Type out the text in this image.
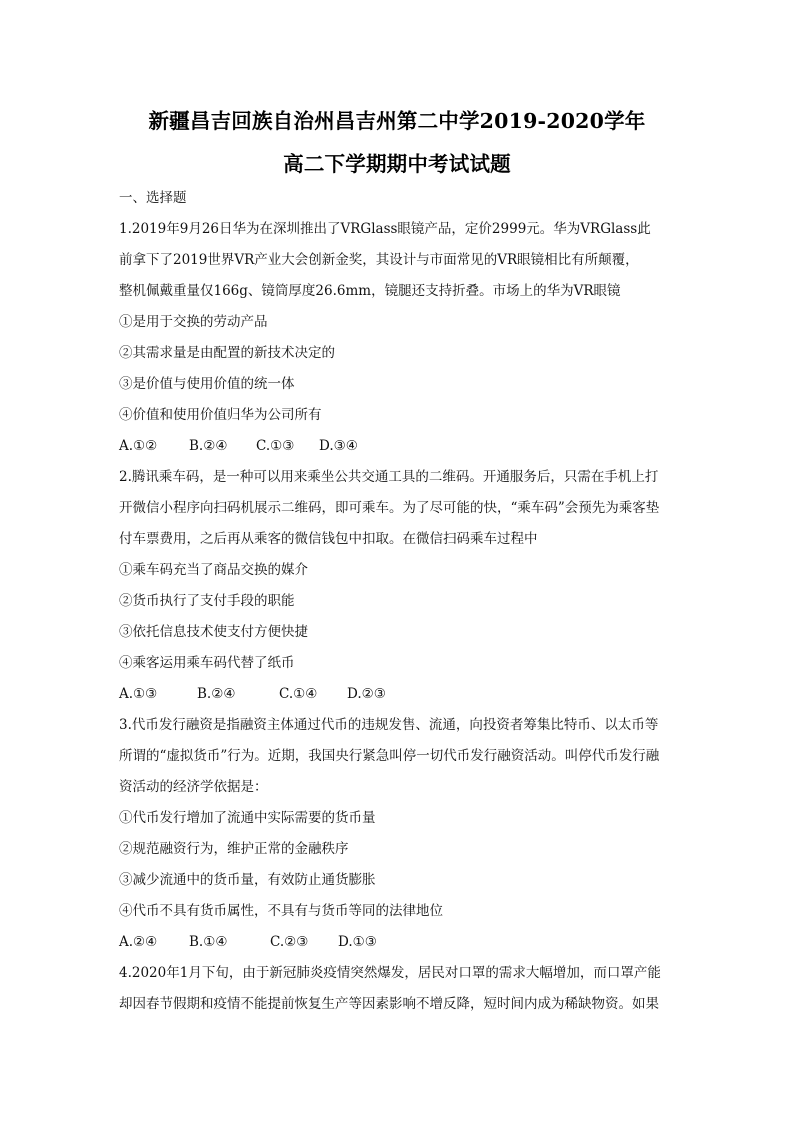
新疆昌吉回族自治州昌吉州第二中学2019-2020学年
高二下学期期中考试试题
一、选择题
1.2019年9月26日华为在深圳推出了VRGlass眼镜产品，定价2999元。华为VRGlass此
前拿下了2019世界VR产业大会创新金奖，其设计与市面常见的VR眼镜相比有所颠覆，
整机佩戴重量仅166g、镜筒厚度26.6mm，镜腿还支持折叠。市场上的华为VR眼镜
①是用于交换的劳动产品
②其需求量是由配置的新技术决定的
③是价值与使用价值的统一体
④价值和使用价值归华为公司所有
A.①② B.②④ C.①③ D.③④
2.腾讯乘车码，是一种可以用来乘坐公共交通工具的二维码。开通服务后，只需在手机上打
开微信小程序向扫码机展示二维码，即可乘车。为了尽可能的快，“乘车码”会预先为乘客垫
付车票费用，之后再从乘客的微信钱包中扣取。在微信扫码乘车过程中
①乘车码充当了商品交换的媒介
②货币执行了支付手段的职能
③依托信息技术使支付方便快捷
④乘客运用乘车码代替了纸币
A.①③	B.②④	C.①④ D.②③
3.代币发行融资是指融资主体通过代币的违规发售、流通，向投资者筹集比特币、以太币等
所谓的“虚拟货币”行为。近期，我国央行紧急叫停一切代币发行融资活动。叫停代币发行融
资活动的经济学依据是：
①代币发行增加了流通中实际需要的货币量
②规范融资行为，维护正常的金融秩序
③减少流通中的货币量，有效防止通货膨胀
④代币不具有货币属性，不具有与货币等同的法律地位
A.②④ B.①④	C.②③ D.①③
4.2020年1月下旬，由于新冠肺炎疫情突然爆发，居民对口罩的需求大幅增加，而口罩产能
却因春节假期和疫情不能提前恢复生产等因素影响不增反降，短时间内成为稀缺物资。如果
